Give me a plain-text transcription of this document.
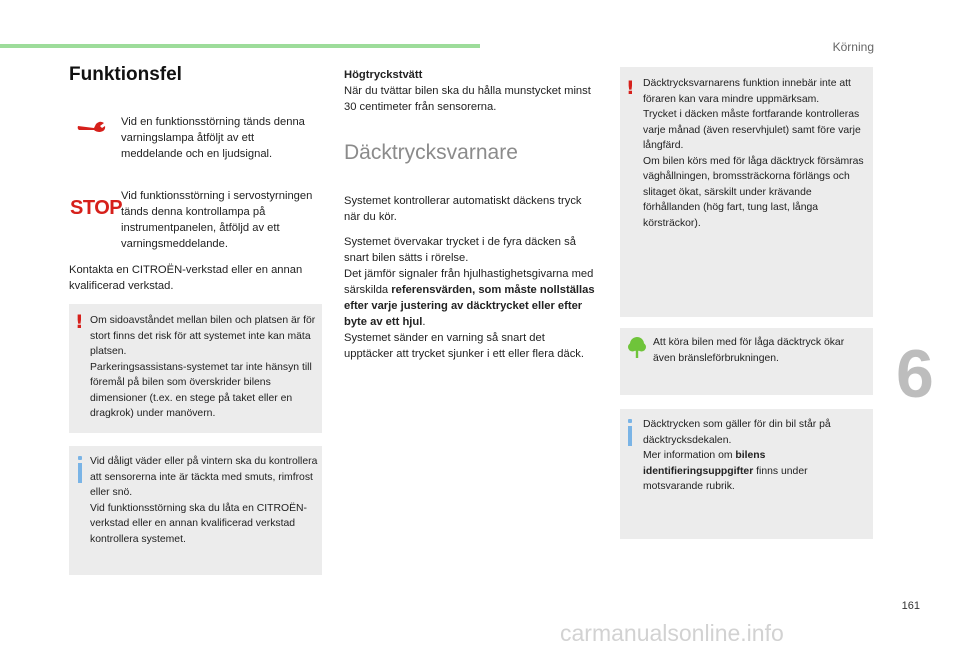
Körning
Funktionsfel

Vid en funktionsstörning tänds denna varningslampa åtföljt av ett meddelande och en ljudsignal.

STOP

Vid funktionsstörning i servostyrningen tänds denna kontrollampa på instrumentpanelen, åtföljd av ett varningsmeddelande.

Kontakta en CITROËN-verkstad eller en annan kvalificerad verkstad.

! Om sidoavståndet mellan bilen och platsen är för stort finns det risk för att systemet inte kan mäta platsen.

Parkeringsassistans-systemet tar inte hänsyn till föremål på bilen som överskrider bilens dimensioner (t.ex. en stege på taket eller en dragkrok) under manövern.

Vid dåligt väder eller på vintern ska du kontrollera att sensorerna inte är täckta med smuts, rimfrost eller snö.

Vid funktionsstörning ska du låta en CITROËN-verkstad eller en annan kvalificerad verkstad kontrollera systemet.

Högtryckstvätt

När du tvättar bilen ska du hålla munstycket minst 30 centimeter från sensorerna.

Däcktrycksvarnare

Systemet kontrollerar automatiskt däckens tryck när du kör.

Systemet övervakar trycket i de fyra däcken så snart bilen sätts i rörelse.

Det jämför signaler från hjulhastighetsgivarna med särskilda referensvärden, som måste nollställas efter varje justering av däcktrycket eller efter byte av ett hjul.

Systemet sänder en varning så snart det upptäcker att trycket sjunker i ett eller flera däck.

! Däcktrycksvarnarens funktion innebär inte att föraren kan vara mindre uppmärksam.

Trycket i däcken måste fortfarande kontrolleras varje månad (även reservhjulet) samt före varje långfärd.

Om bilen körs med för låga däcktryck försämras väghållningen, bromssträckorna förlängs och slitaget ökat, särskilt under krävande förhållanden (hög fart, tung last, långa körsträckor).

Att köra bilen med för låga däcktryck ökar även bränsleförbrukningen.

Däcktrycken som gäller för din bil står på däcktrycksdekalen.

Mer information om bilens identifieringsuppgifter finns under motsvarande rubrik.

6
161
carmanualsonline.info
